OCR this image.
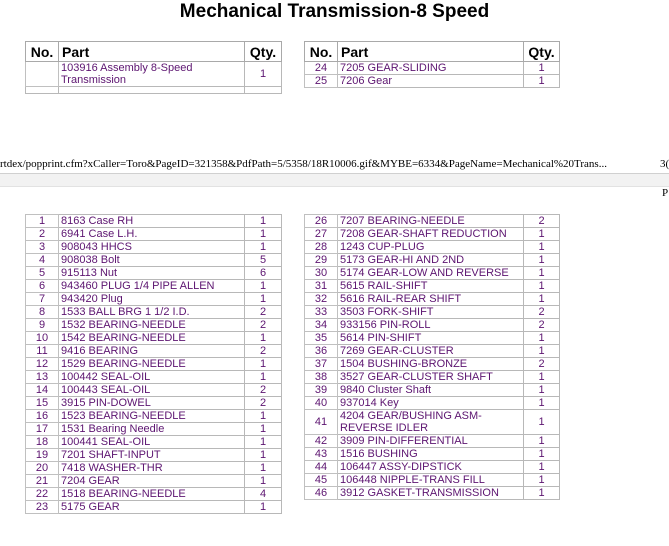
Mechanical Transmission-8 Speed
No.	Part	Qty.
	103916 Assembly 8-Speed Transmission	1

No.	Part	Qty.
24	7205 GEAR-SLIDING	1
25	7206 Gear	1
rtdex/popprint.cfm?xCaller=Toro&PageID=321358&PdfPath=5/5358/18R10006.gif&MYBE=6334&PageName=Mechanical%20Trans...	3(
P
1	8163 Case RH	1
2	6941 Case L.H.	1
3	908043 HHCS	1
4	908038 Bolt	5
5	915113 Nut	6
6	943460 PLUG 1/4 PIPE ALLEN	1
7	943420 Plug	1
8	1533 BALL BRG 1 1/2 I.D.	2
9	1532 BEARING-NEEDLE	2
10	1542 BEARING-NEEDLE	1
11	9416 BEARING	2
12	1529 BEARING-NEEDLE	1
13	100442 SEAL-OIL	1
14	100443 SEAL-OIL	2
15	3915 PIN-DOWEL	2
16	1523 BEARING-NEEDLE	1
17	1531 Bearing Needle	1
18	100441 SEAL-OIL	1
19	7201 SHAFT-INPUT	1
20	7418 WASHER-THR	1
21	7204 GEAR	1
22	1518 BEARING-NEEDLE	4
23	5175 GEAR	1
26	7207 BEARING-NEEDLE	2
27	7208 GEAR-SHAFT REDUCTION	1
28	1243 CUP-PLUG	1
29	5173 GEAR-HI AND 2ND	1
30	5174 GEAR-LOW AND REVERSE	1
31	5615 RAIL-SHIFT	1
32	5616 RAIL-REAR SHIFT	1
33	3503 FORK-SHIFT	2
34	933156 PIN-ROLL	2
35	5614 PIN-SHIFT	1
36	7269 GEAR-CLUSTER	1
37	1504 BUSHING-BRONZE	2
38	3527 GEAR-CLUSTER SHAFT	1
39	9840 Cluster Shaft	1
40	937014 Key	1
41	4204 GEAR/BUSHING ASM-REVERSE IDLER	1
42	3909 PIN-DIFFERENTIAL	1
43	1516 BUSHING	1
44	106447 ASSY-DIPSTICK	1
45	106448 NIPPLE-TRANS FILL	1
46	3912 GASKET-TRANSMISSION	1
